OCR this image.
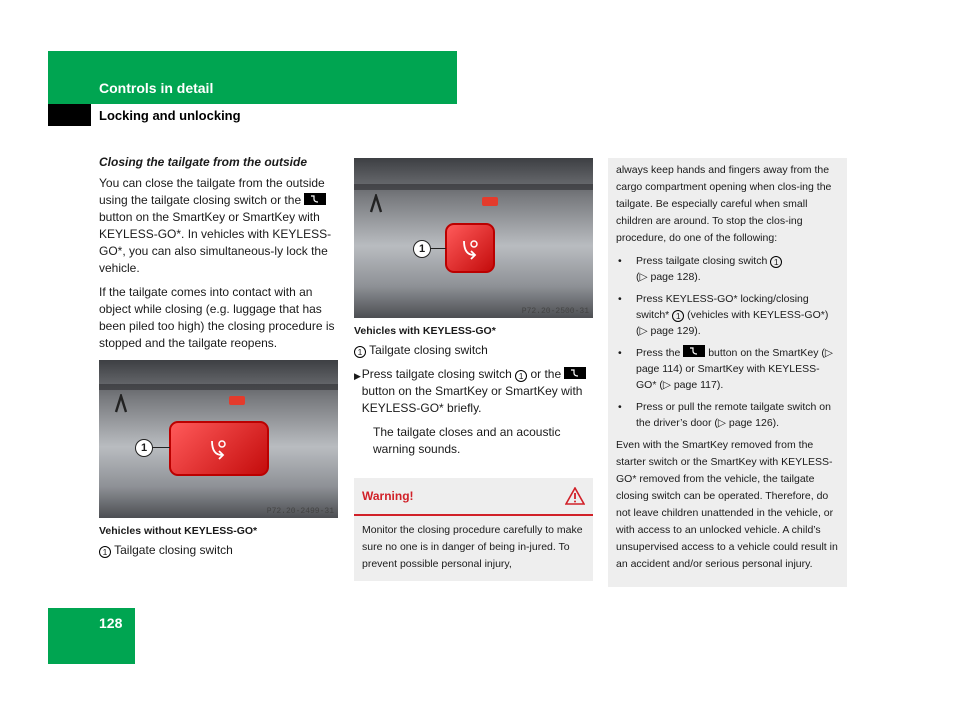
Controls in detail
Locking and unlocking
Closing the tailgate from the outside
You can close the tailgate from the outside using the tailgate closing switch or the
button on the SmartKey or SmartKey with KEYLESS-GO*. In vehicles with KEYLESS-GO*, you can also simultaneous-ly lock the vehicle.
If the tailgate comes into contact with an object while closing (e.g. luggage that has been piled too high) the closing procedure is stopped and the tailgate reopens.
1
P72.20-2499-31
Vehicles without KEYLESS-GO*
1 Tailgate closing switch
1
P72.20-2500-31
Vehicles with KEYLESS-GO*
1 Tailgate closing switch
▶ Press tailgate closing switch 1 or the
button on the SmartKey or SmartKey with KEYLESS-GO* briefly.
The tailgate closes and an acoustic warning sounds.
Warning!
Monitor the closing procedure carefully to make sure no one is in danger of being in-jured. To prevent possible personal injury,
always keep hands and fingers away from the cargo compartment opening when clos-ing the tailgate. Be especially careful when small children are around. To stop the clos-ing procedure, do one of the following:
•	Press tailgate closing switch 1
(▷ page 128).
•	Press KEYLESS-GO* locking/closing switch* 1 (vehicles with KEYLESS-GO*) (▷ page 129).
•	Press the	button on the SmartKey (▷ page 114) or SmartKey with KEYLESS-GO* (▷ page 117).
•	Press or pull the remote tailgate switch on the driver’s door (▷ page 126).
Even with the SmartKey removed from the starter switch or the SmartKey with KEYLESS-GO* removed from the vehicle, the tailgate closing switch can be operated. Therefore, do not leave children unattended in the vehicle, or with access to an unlocked vehicle. A child’s unsupervised access to a vehicle could result in an accident and/or serious personal injury.
128
